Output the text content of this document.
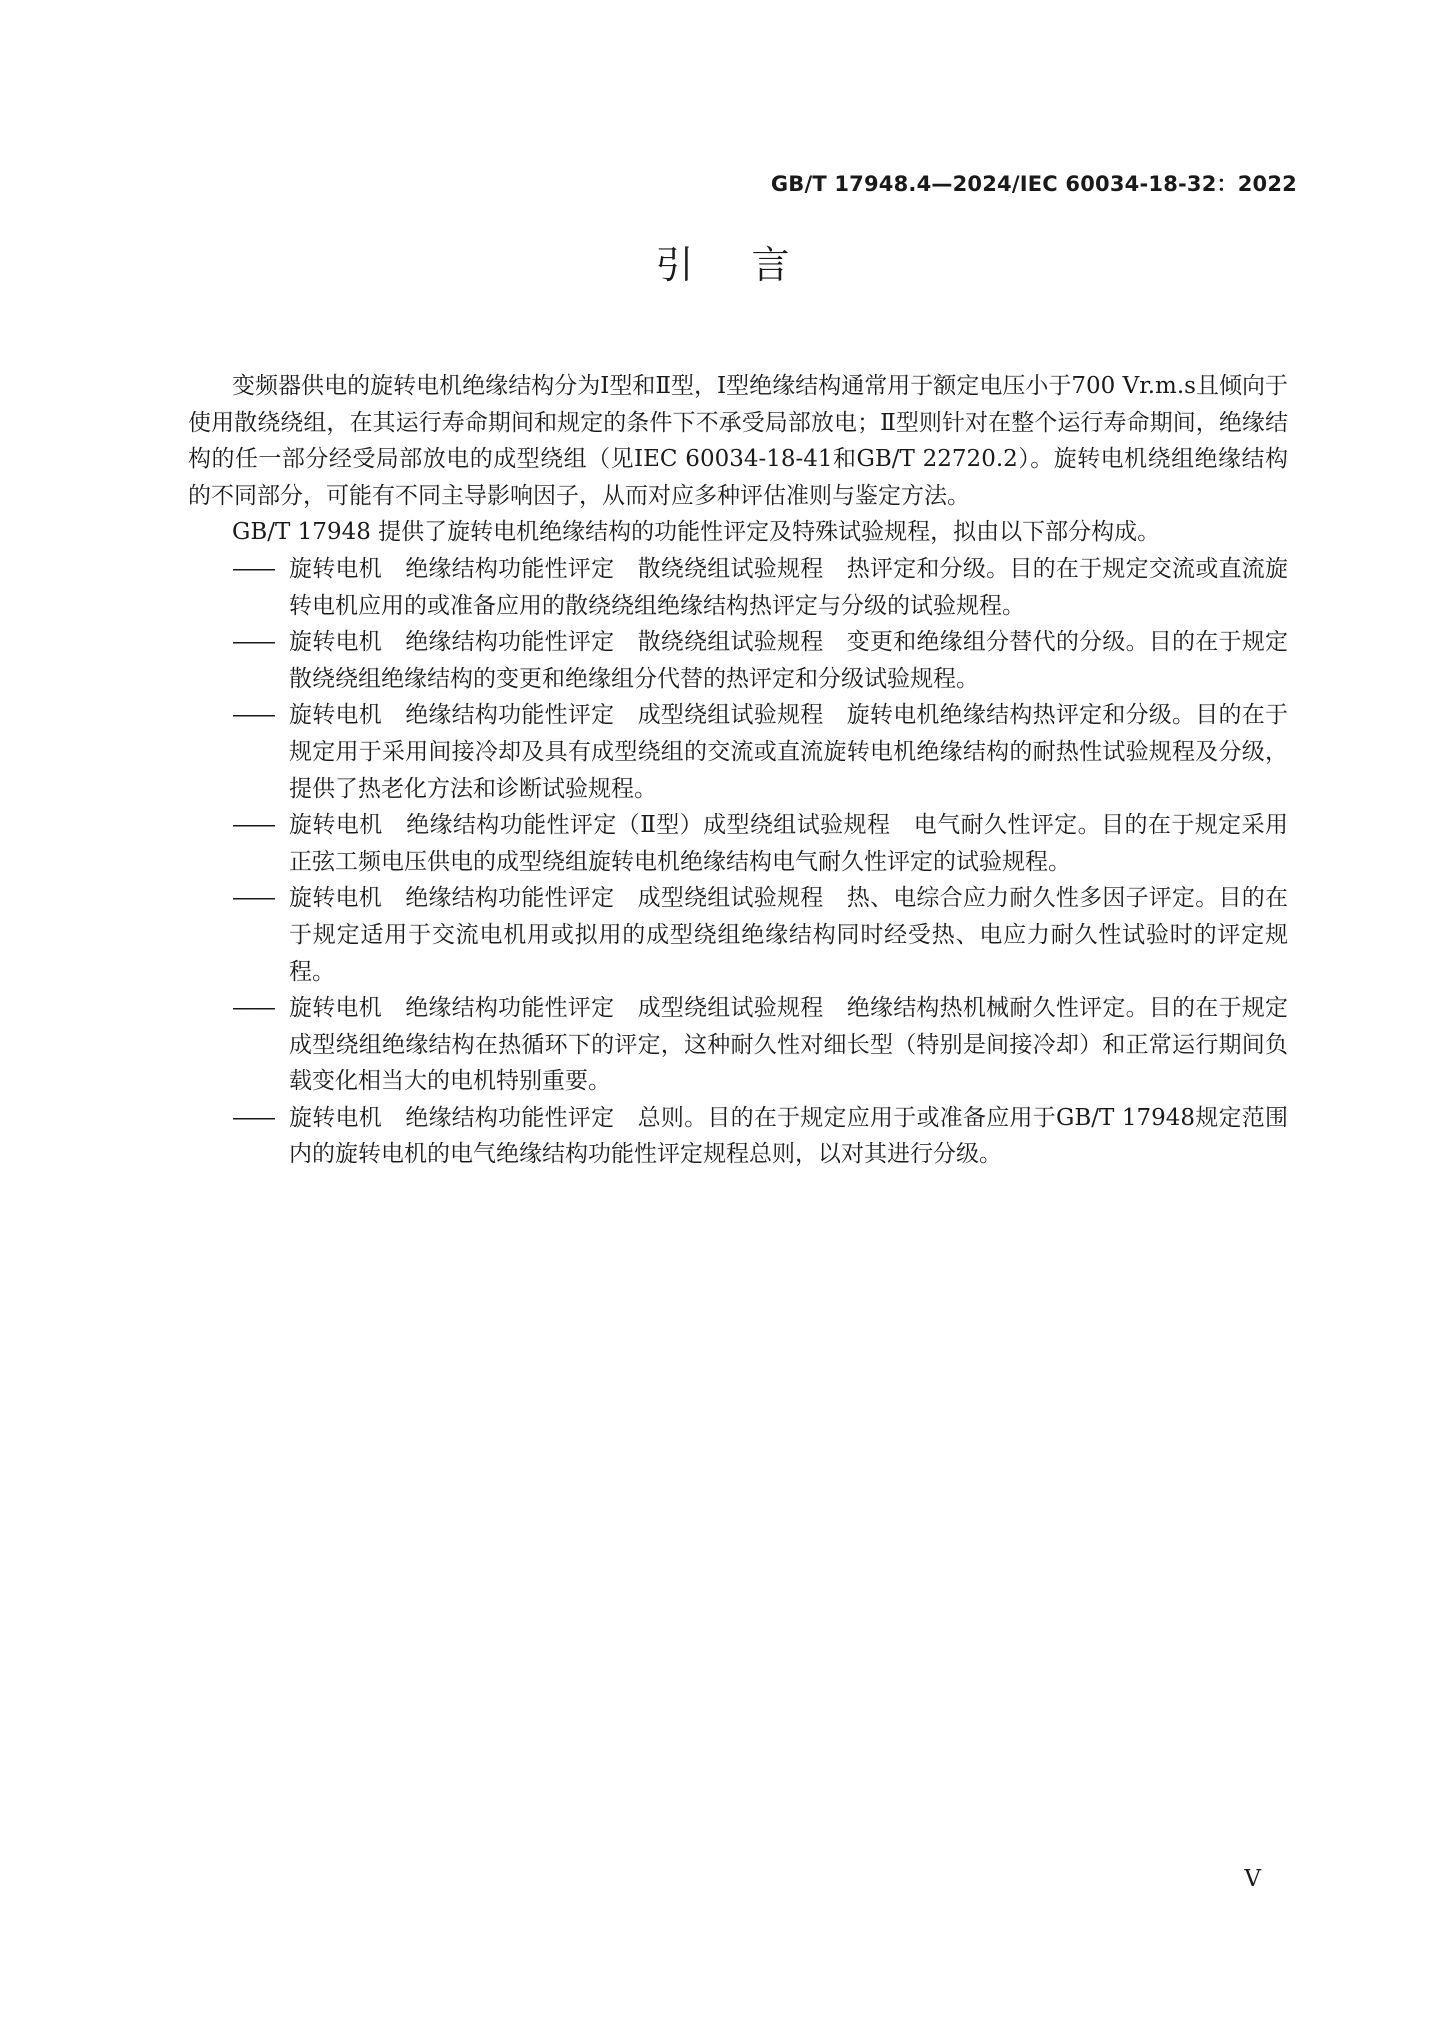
GB/T 17948.4—2024/IEC 60034-18-32：2022
引言

变频器供电的旋转电机绝缘结构分为Ⅰ型和Ⅱ型，Ⅰ型绝缘结构通常用于额定电压小于700 Vr.m.s且倾向于使用散绕绕组，在其运行寿命期间和规定的条件下不承受局部放电；Ⅱ型则针对在整个运行寿命期间，绝缘结构的任一部分经受局部放电的成型绕组（见IEC 60034-18-41和GB/T 22720.2）。旋转电机绕组绝缘结构的不同部分，可能有不同主导影响因子，从而对应多种评估准则与鉴定方法。

GB/T 17948 提供了旋转电机绝缘结构的功能性评定及特殊试验规程，拟由以下部分构成。

—— 旋转电机　绝缘结构功能性评定　散绕绕组试验规程　热评定和分级。目的在于规定交流或直流旋转电机应用的或准备应用的散绕绕组绝缘结构热评定与分级的试验规程。
—— 旋转电机　绝缘结构功能性评定　散绕绕组试验规程　变更和绝缘组分替代的分级。目的在于规定散绕绕组绝缘结构的变更和绝缘组分代替的热评定和分级试验规程。
—— 旋转电机　绝缘结构功能性评定　成型绕组试验规程　旋转电机绝缘结构热评定和分级。目的在于规定用于采用间接冷却及具有成型绕组的交流或直流旋转电机绝缘结构的耐热性试验规程及分级，提供了热老化方法和诊断试验规程。
—— 旋转电机　绝缘结构功能性评定（Ⅱ型）成型绕组试验规程　电气耐久性评定。目的在于规定采用正弦工频电压供电的成型绕组旋转电机绝缘结构电气耐久性评定的试验规程。
—— 旋转电机　绝缘结构功能性评定　成型绕组试验规程　热、电综合应力耐久性多因子评定。目的在于规定适用于交流电机用或拟用的成型绕组绝缘结构同时经受热、电应力耐久性试验时的评定规程。
—— 旋转电机　绝缘结构功能性评定　成型绕组试验规程　绝缘结构热机械耐久性评定。目的在于规定成型绕组绝缘结构在热循环下的评定，这种耐久性对细长型（特别是间接冷却）和正常运行期间负载变化相当大的电机特别重要。
—— 旋转电机　绝缘结构功能性评定　总则。目的在于规定应用于或准备应用于GB/T 17948规定范围内的旋转电机的电气绝缘结构功能性评定规程总则，以对其进行分级。
V
